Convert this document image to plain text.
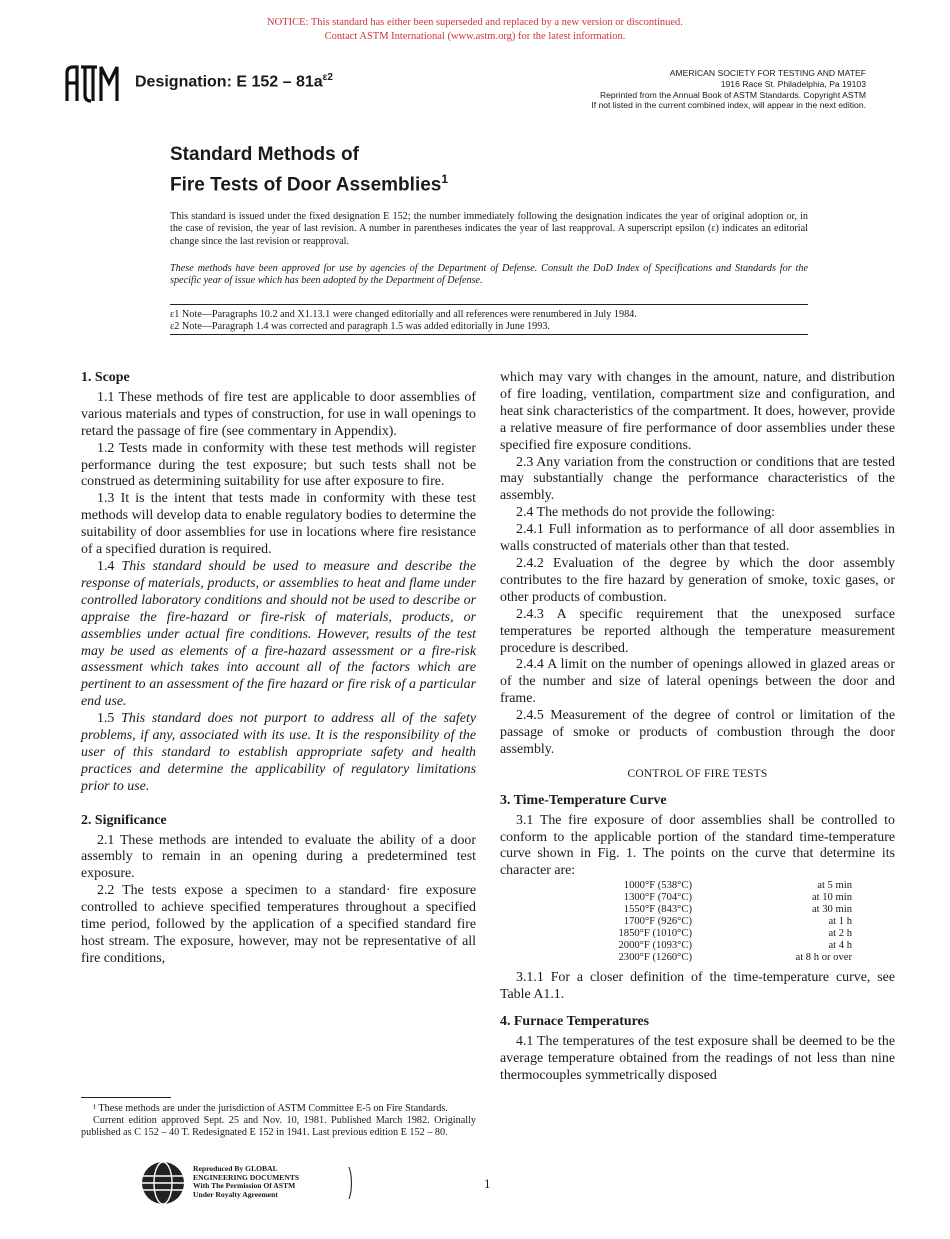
NOTICE: This standard has either been superseded and replaced by a new version or discontinued.
Contact ASTM International (www.astm.org) for the latest information.
Designation: E $152 - 81a^{\varepsilon 2}$	AMERICAN SOCIETY FOR TESTING AND MATEF
1916 Race St. Philadelphia, Pa 19103
Reprinted from the Annual Book of ASTM Standards. Copyright ASTM
If not listed in the current combined index, will appear in the next edition.
Standard Methods of
Fire Tests of Door Assemblies$^1$
This standard is issued under the fixed designation E 152; the number immediately following the designation indicates the year of original adoption or, in the case of revision, the year of last revision. A number in parentheses indicates the year of last reapproval. A superscript epsilon (ε) indicates an editorial change since the last revision or reapproval.
These methods have been approved for use by agencies of the Department of Defense. Consult the DoD Index of Specifications and Standards for the specific year of issue which has been adopted by the Department of Defense.
ε1 Note—Paragraphs 10.2 and X1.13.1 were changed editorially and all references were renumbered in July 1984.
ε2 Note—Paragraph 1.4 was corrected and paragraph 1.5 was added editorially in June 1993.
1. Scope

1.1 These methods of fire test are applicable to door assemblies of various materials and types of construction, for use in wall openings to retard the passage of fire (see commentary in Appendix).

1.2 Tests made in conformity with these test methods will register performance during the test exposure; but such tests shall not be construed as determining suitability for use after exposure to fire.

1.3 It is the intent that tests made in conformity with these test methods will develop data to enable regulatory bodies to determine the suitability of door assemblies for use in locations where fire resistance of a specified duration is required.

1.4 This standard should be used to measure and describe the response of materials, products, or assemblies to heat and flame under controlled laboratory conditions and should not be used to describe or appraise the fire-hazard or fire-risk of materials, products, or assemblies under actual fire conditions. However, results of the test may be used as elements of a fire-hazard assessment or a fire-risk assessment which takes into account all of the factors which are pertinent to an assessment of the fire hazard or fire risk of a particular end use.

1.5 This standard does not purport to address all of the safety problems, if any, associated with its use. It is the responsibility of the user of this standard to establish appropriate safety and health practices and determine the applicability of regulatory limitations prior to use.

2. Significance

2.1 These methods are intended to evaluate the ability of a door assembly to remain in an opening during a predetermined test exposure.

2.2 The tests expose a specimen to a standard· fire exposure controlled to achieve specified temperatures throughout a specified time period, followed by the application of a specified standard fire host stream. The exposure, however, may not be representative of all fire conditions,

which may vary with changes in the amount, nature, and distribution of fire loading, ventilation, compartment size and configuration, and heat sink characteristics of the compartment. It does, however, provide a relative measure of fire performance of door assemblies under these specified fire exposure conditions.

2.3 Any variation from the construction or conditions that are tested may substantially change the performance characteristics of the assembly.

2.4 The methods do not provide the following:

2.4.1 Full information as to performance of all door assemblies in walls constructed of materials other than that tested.

2.4.2 Evaluation of the degree by which the door assembly contributes to the fire hazard by generation of smoke, toxic gases, or other products of combustion.

2.4.3 A specific requirement that the unexposed surface temperatures be reported although the temperature measurement procedure is described.

2.4.4 A limit on the number of openings allowed in glazed areas or of the number and size of lateral openings between the door and frame.

2.4.5 Measurement of the degree of control or limitation of the passage of smoke or products of combustion through the door assembly.

CONTROL OF FIRE TESTS
3. Time-Temperature Curve

3.1 The fire exposure of door assemblies shall be controlled to conform to the applicable portion of the standard time-temperature curve shown in Fig. 1. The points on the curve that determine its character are:

1000°F (538°C)	at 5 min
1300°F (704°C)	at 10 min
1550°F (843°C)	at 30 min
1700°F (926°C)	at 1 h
1850°F (1010°C)	at 2 h
2000°F (1093°C)	at 4 h
2300°F (1260°C)	at 8 h or over

3.1.1 For a closer definition of the time-temperature curve, see Table A1.1.

4. Furnace Temperatures

4.1 The temperatures of the test exposure shall be deemed to be the average temperature obtained from the readings of not less than nine thermocouples symmetrically disposed

¹ These methods are under the jurisdiction of ASTM Committee E-5 on Fire Standards.

Current edition approved Sept. 25 and Nov. 10, 1981. Published March 1982. Originally published as C 152 – 40 T. Redesignated E 152 in 1941. Last previous edition E 152 – 80.

Reproduced By GLOBAL
ENGINEERING DOCUMENTS
With The Permission Of ASTM
Under Royalty Agreement	)	1
